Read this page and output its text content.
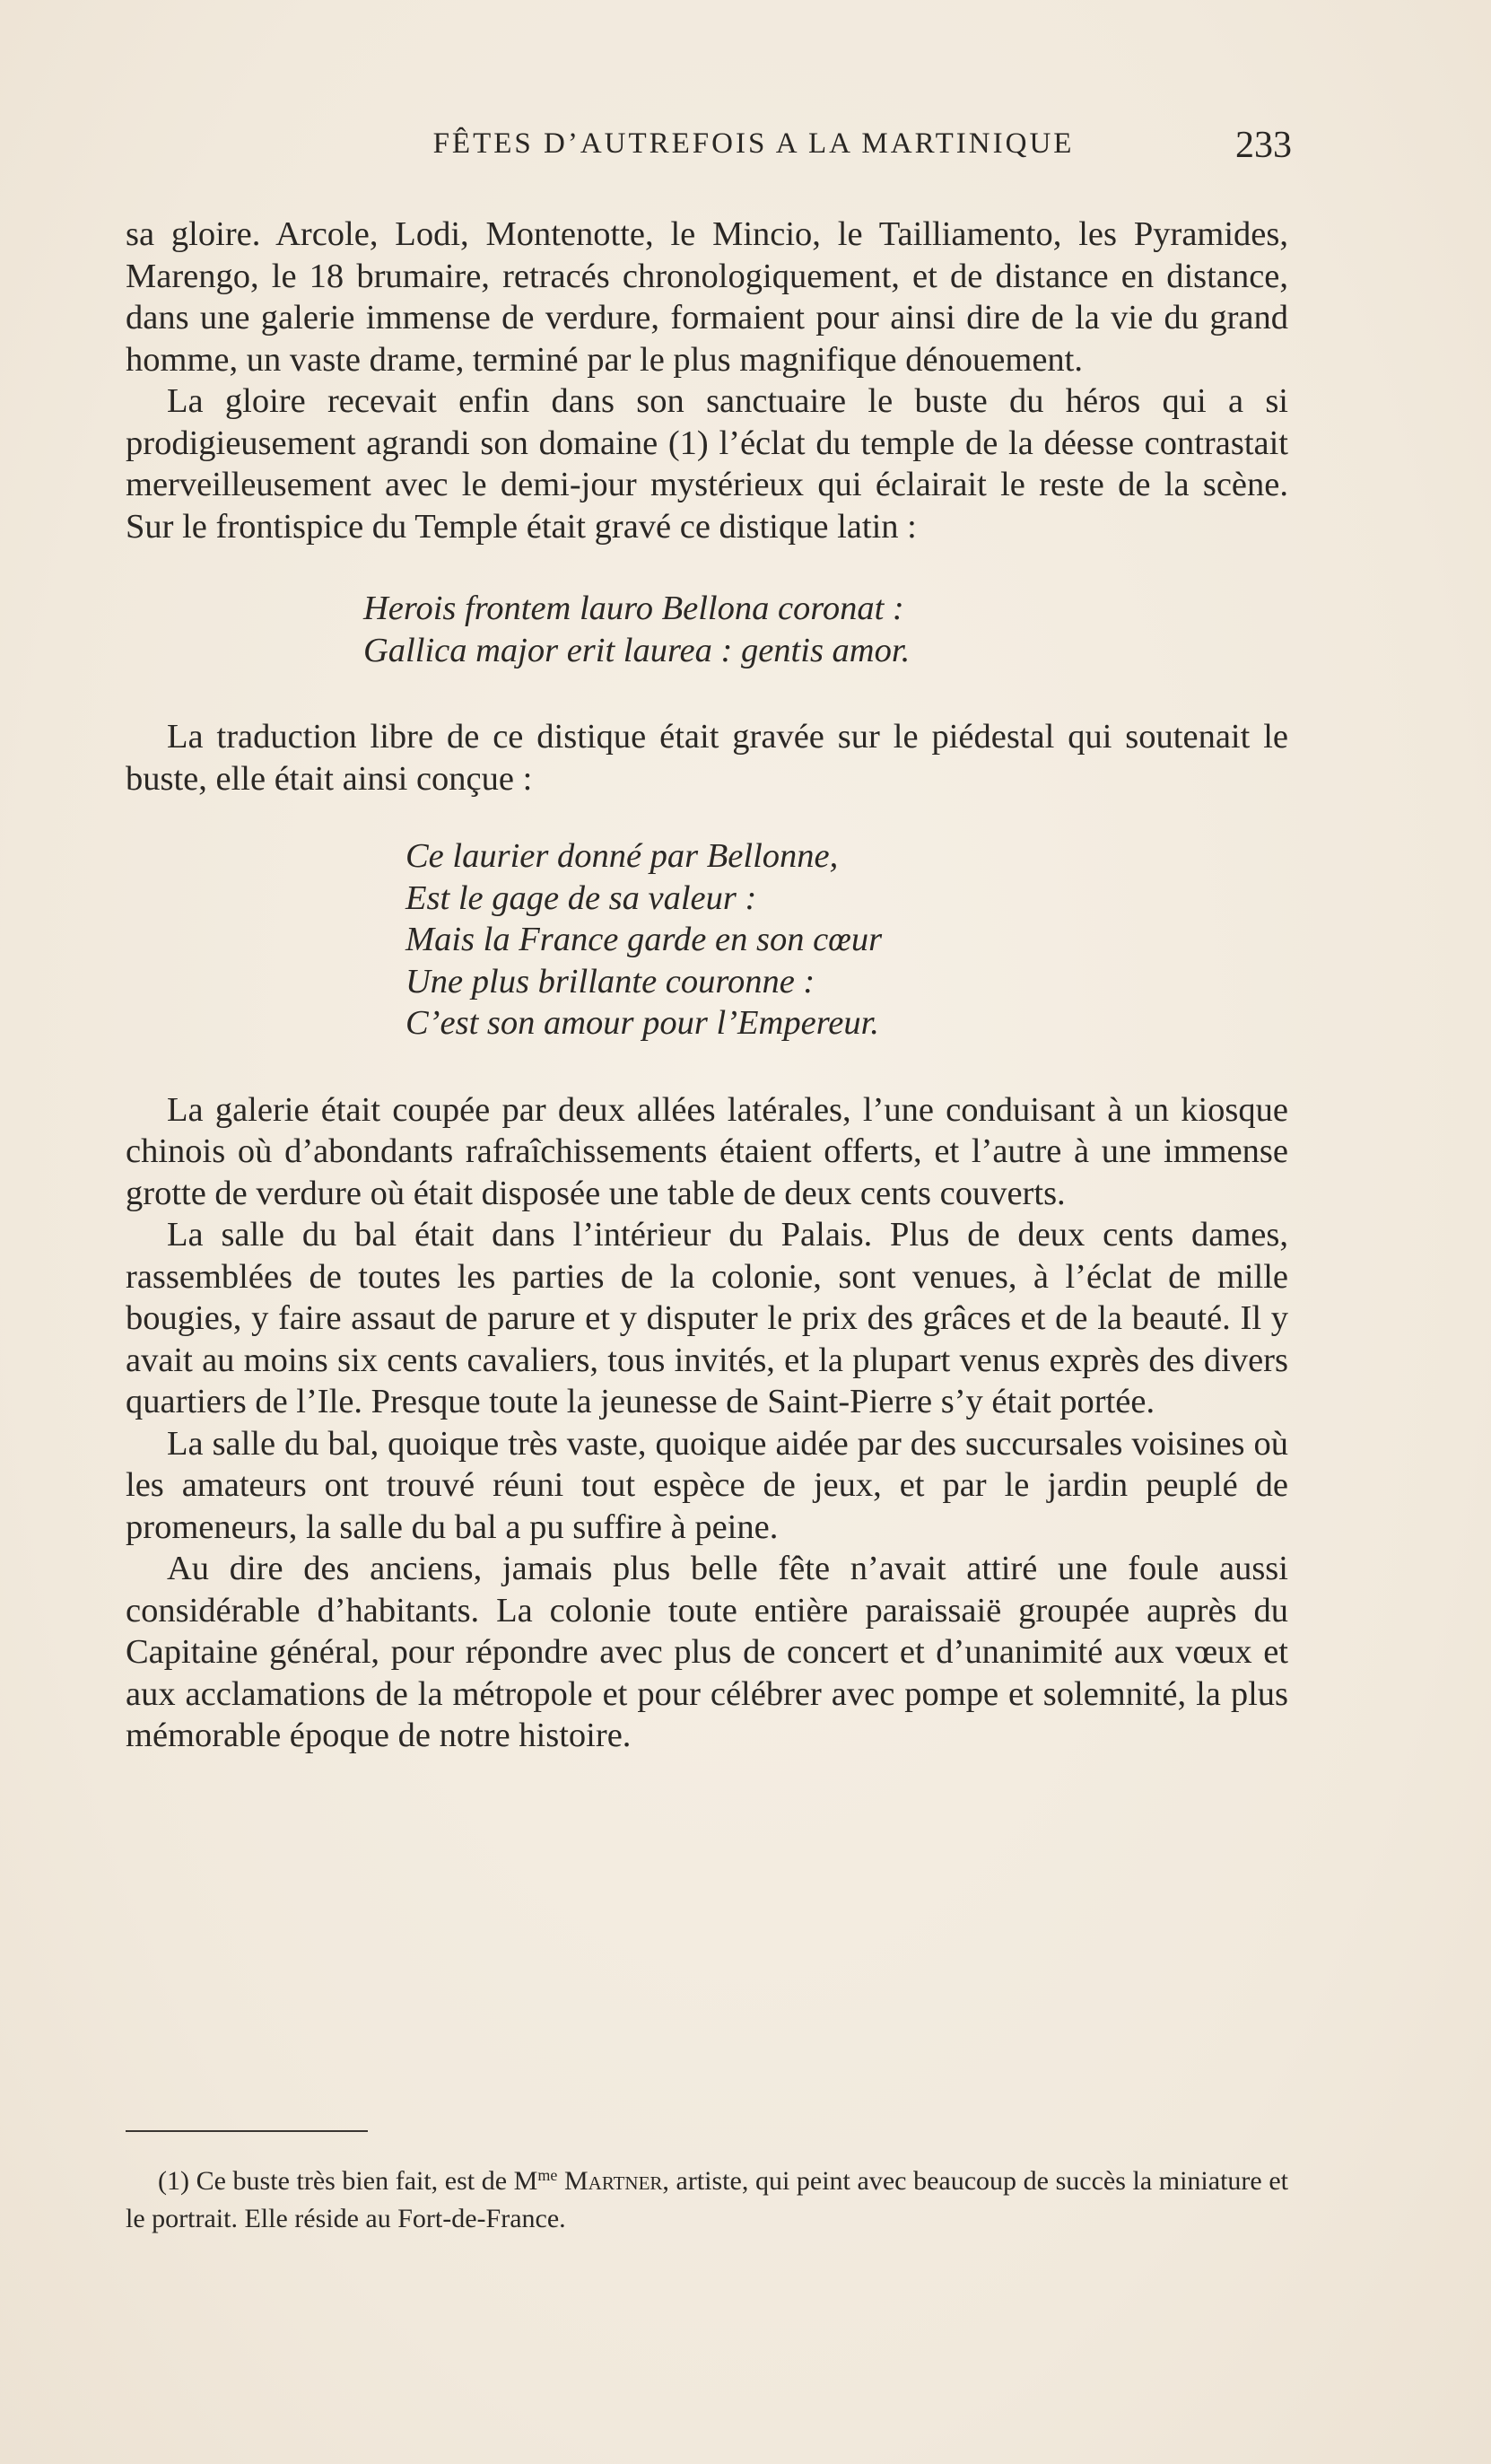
FÊTES D’AUTREFOIS A LA MARTINIQUE	233

sa gloire. Arcole, Lodi, Montenotte, le Mincio, le Tailliamento, les Pyramides, Marengo, le 18 brumaire, retracés chronologiquement, et de distance en distance, dans une galerie immense de verdure, formaient pour ainsi dire de la vie du grand homme, un vaste drame, terminé par le plus magnifique dénouement.

La gloire recevait enfin dans son sanctuaire le buste du héros qui a si prodigieusement agrandi son domaine (1) l’éclat du temple de la déesse contrastait merveilleusement avec le demi-jour mystérieux qui éclairait le reste de la scène. Sur le frontispice du Temple était gravé ce distique latin :

Herois frontem lauro Bellona coronat :
Gallica major erit laurea : gentis amor.

La traduction libre de ce distique était gravée sur le piédestal qui soutenait le buste, elle était ainsi conçue :

Ce laurier donné par Bellonne,
Est le gage de sa valeur :
Mais la France garde en son cœur
Une plus brillante couronne :
C’est son amour pour l’Empereur.

La galerie était coupée par deux allées latérales, l’une conduisant à un kiosque chinois où d’abondants rafraîchissements étaient offerts, et l’autre à une immense grotte de verdure où était disposée une table de deux cents couverts.

La salle du bal était dans l’intérieur du Palais. Plus de deux cents dames, rassemblées de toutes les parties de la colonie, sont venues, à l’éclat de mille bougies, y faire assaut de parure et y disputer le prix des grâces et de la beauté. Il y avait au moins six cents cavaliers, tous invités, et la plupart venus exprès des divers quartiers de l’Ile. Presque toute la jeunesse de Saint-Pierre s’y était portée.

La salle du bal, quoique très vaste, quoique aidée par des succursales voisines où les amateurs ont trouvé réuni tout espèce de jeux, et par le jardin peuplé de promeneurs, la salle du bal a pu suffire à peine.

Au dire des anciens, jamais plus belle fête n’avait attiré une foule aussi considérable d’habitants. La colonie toute entière paraissaiё groupée auprès du Capitaine général, pour répondre avec plus de concert et d’unanimité aux vœux et aux acclamations de la métropole et pour célébrer avec pompe et solemnité, la plus mémorable époque de notre histoire.

(1) Ce buste très bien fait, est de $M^{me}$ Martner, artiste, qui peint avec beaucoup de succès la miniature et le portrait. Elle réside au Fort-de-France.
